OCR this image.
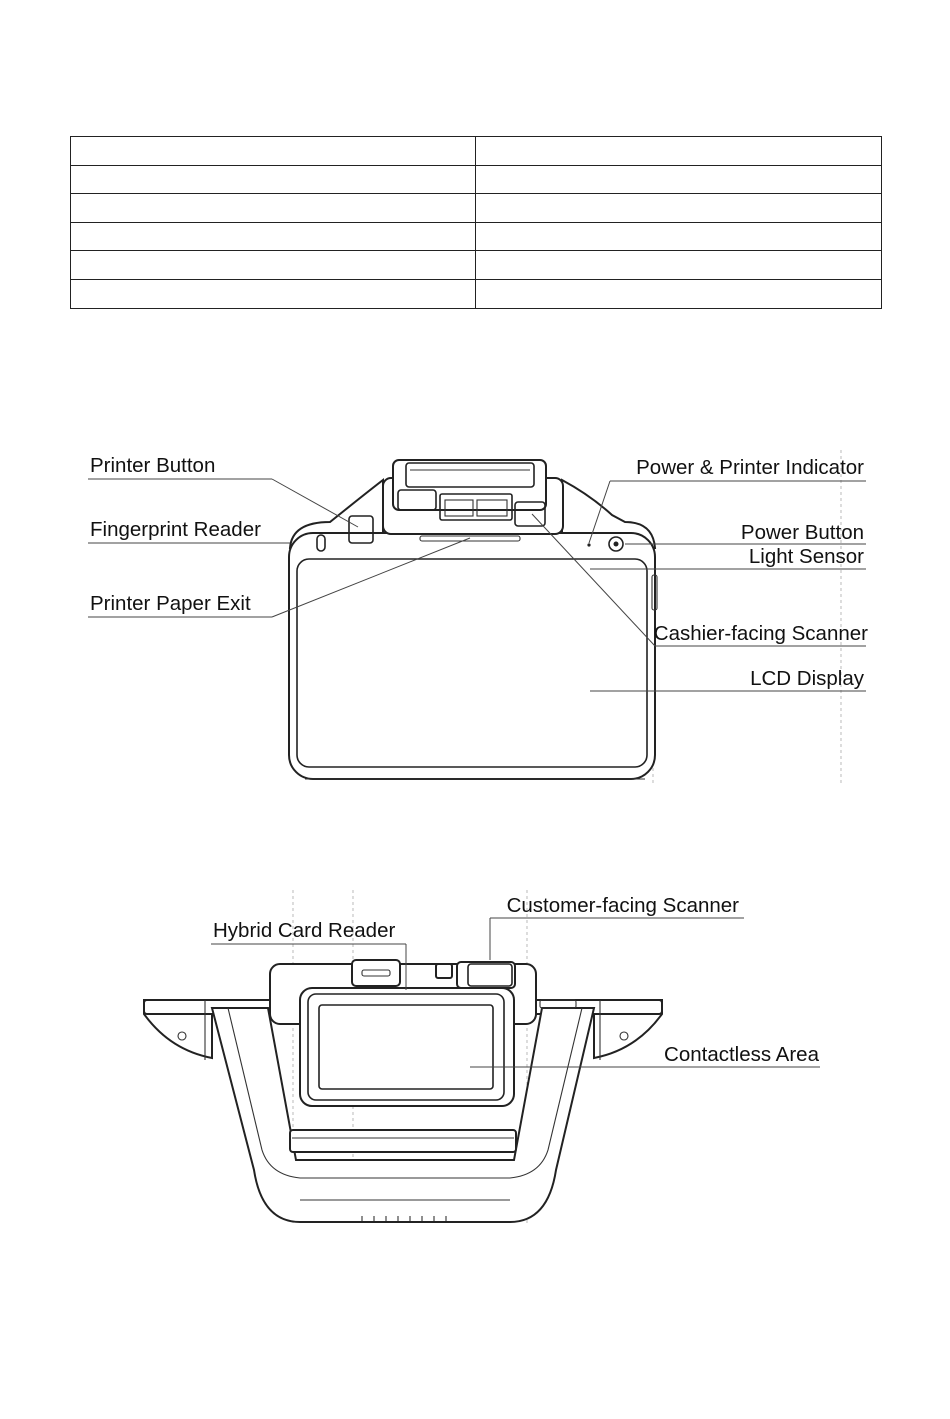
Printer Button
Fingerprint Reader
Printer Paper Exit
Power & Printer Indicator
Power Button
Light Sensor
Cashier-facing Scanner
LCD Display
Hybrid Card Reader
Customer-facing Scanner
Contactless Area
